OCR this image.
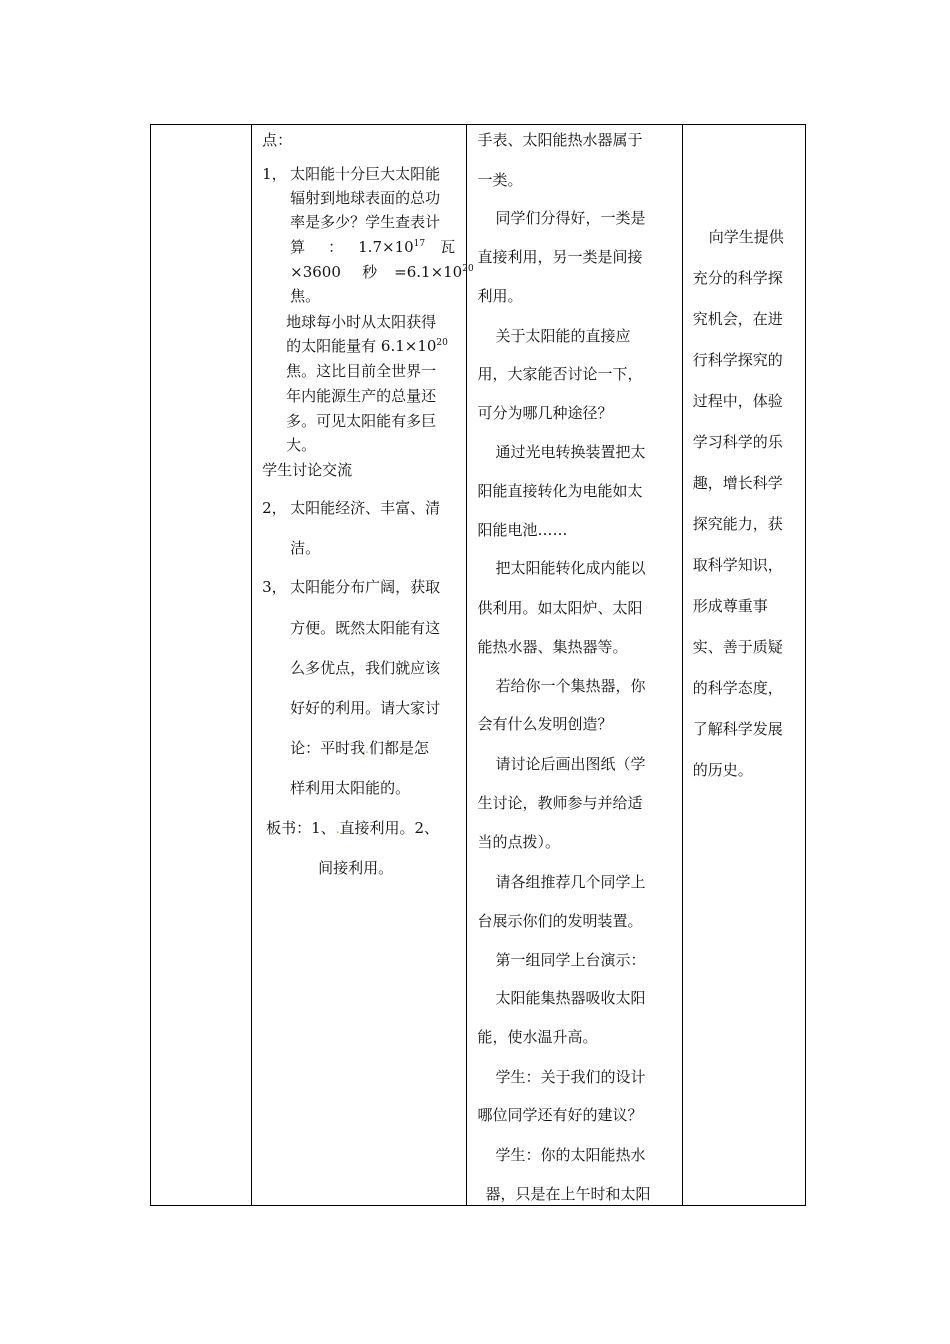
点：
1， 太阳能十分巨大太阳能
辐射到地球表面的总功
率是多少？学生查表计
算 ： $1.7\times 10^{17}$ 瓦
×3600 秒 $=6.1\times 10^{20}$
焦。
地球每小时从太阳获得
的太阳能量有 $6.1\times 10^{20}$
焦。这比目前全世界一
年内能源生产的总量还
多。可见太阳能有多巨
大。
学生讨论交流
2， 太阳能经济、丰富、清
洁。
3， 太阳能分布广阔，获取
方便。既然太阳能有这
么多优点，我们就应该
好好的利用。请大家讨
论：平时我.们都是怎
样利用太阳能的。
板书：1、.直接利用。2、
间接利用。

手表、太阳能热水器属于
一类。
同学们分得好，一类是
直接利用，另一类是间接
利用。
关于太阳能的直接应
用，大家能否讨论一下，
可分为哪几种途径？
通过光电转换装置把太
阳能直接转化为电能如太
阳能电池……
把太阳能转化成内能以
供利用。如太阳炉、太阳
能热水器、集热器等。
若给你一个集热器，你
会有什么发明创造？
请讨论后画出图纸（学
生讨论，教师参与并给适
当的点拨）。
请各组推荐几个同学上
台展示你们的发明装置。
第一组同学上台演示：
太阳能集热器吸收太阳
能，使水温升高。
学生：关于我们的设计
哪位同学还有好的建议？
学生：你的太阳能热水
器，只是在上午时和太阳

向学生提供
充分的科学探
究机会，在进
行科学探究的
过程中，体验
学习科学的乐
趣，增长科学
探究能力，获
取科学知识，
形成尊重事
实、善于质疑
的科学态度，
了解科学发展
的历史。
